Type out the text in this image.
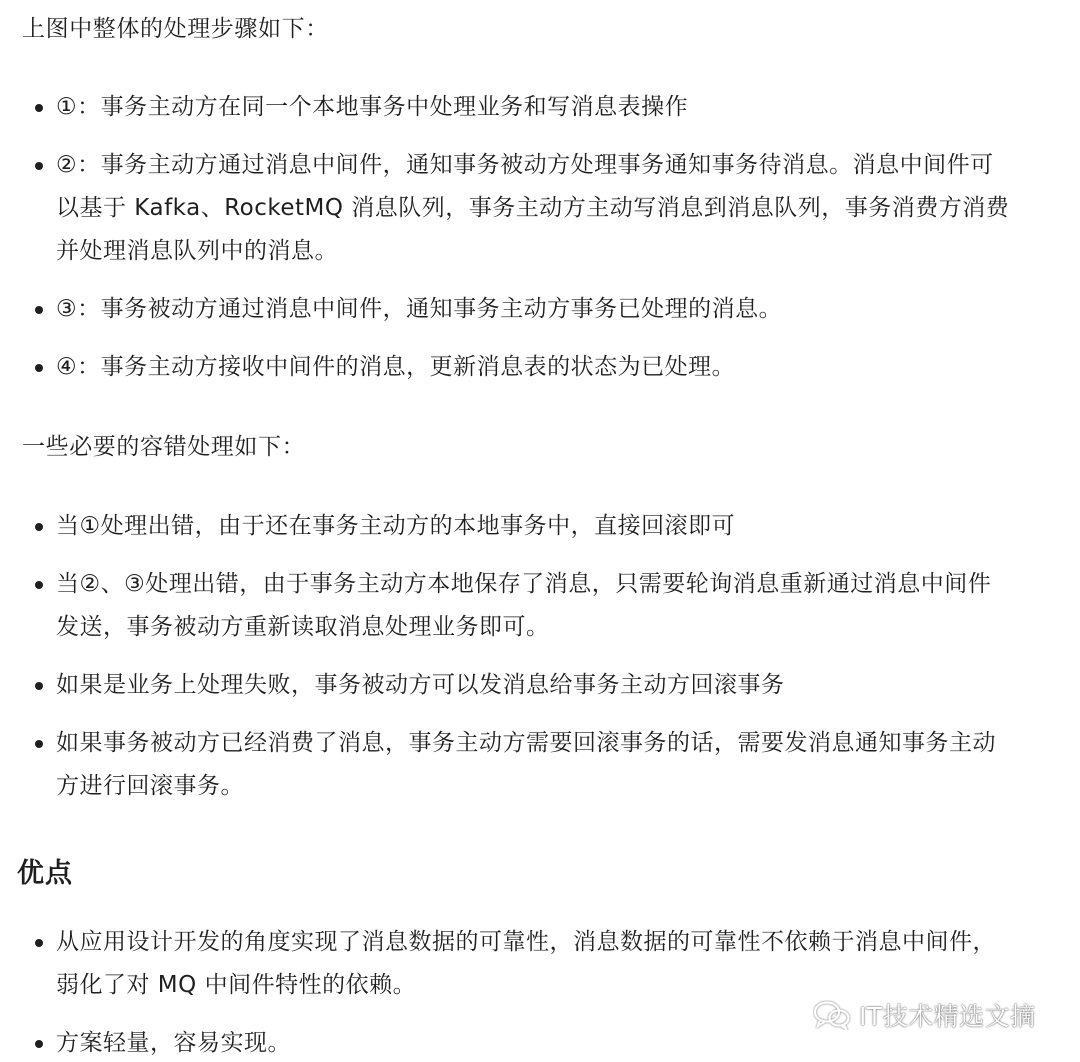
上图中整体的处理步骤如下：

①：事务主动方在同一个本地事务中处理业务和写消息表操作
②：事务主动方通过消息中间件，通知事务被动方处理事务通知事务待消息。消息中间件可
以基于 Kafka、RocketMQ 消息队列，事务主动方主动写消息到消息队列，事务消费方消费
并处理消息队列中的消息。
③：事务被动方通过消息中间件，通知事务主动方事务已处理的消息。
④：事务主动方接收中间件的消息，更新消息表的状态为已处理。

一些必要的容错处理如下：

当①处理出错，由于还在事务主动方的本地事务中，直接回滚即可
当②、③处理出错，由于事务主动方本地保存了消息，只需要轮询消息重新通过消息中间件
发送，事务被动方重新读取消息处理业务即可。
如果是业务上处理失败，事务被动方可以发消息给事务主动方回滚事务
如果事务被动方已经消费了消息，事务主动方需要回滚事务的话，需要发消息通知事务主动
方进行回滚事务。
优点
从应用设计开发的角度实现了消息数据的可靠性，消息数据的可靠性不依赖于消息中间件，
弱化了对 MQ 中间件特性的依赖。
方案轻量，容易实现。
IT技术精选文摘
